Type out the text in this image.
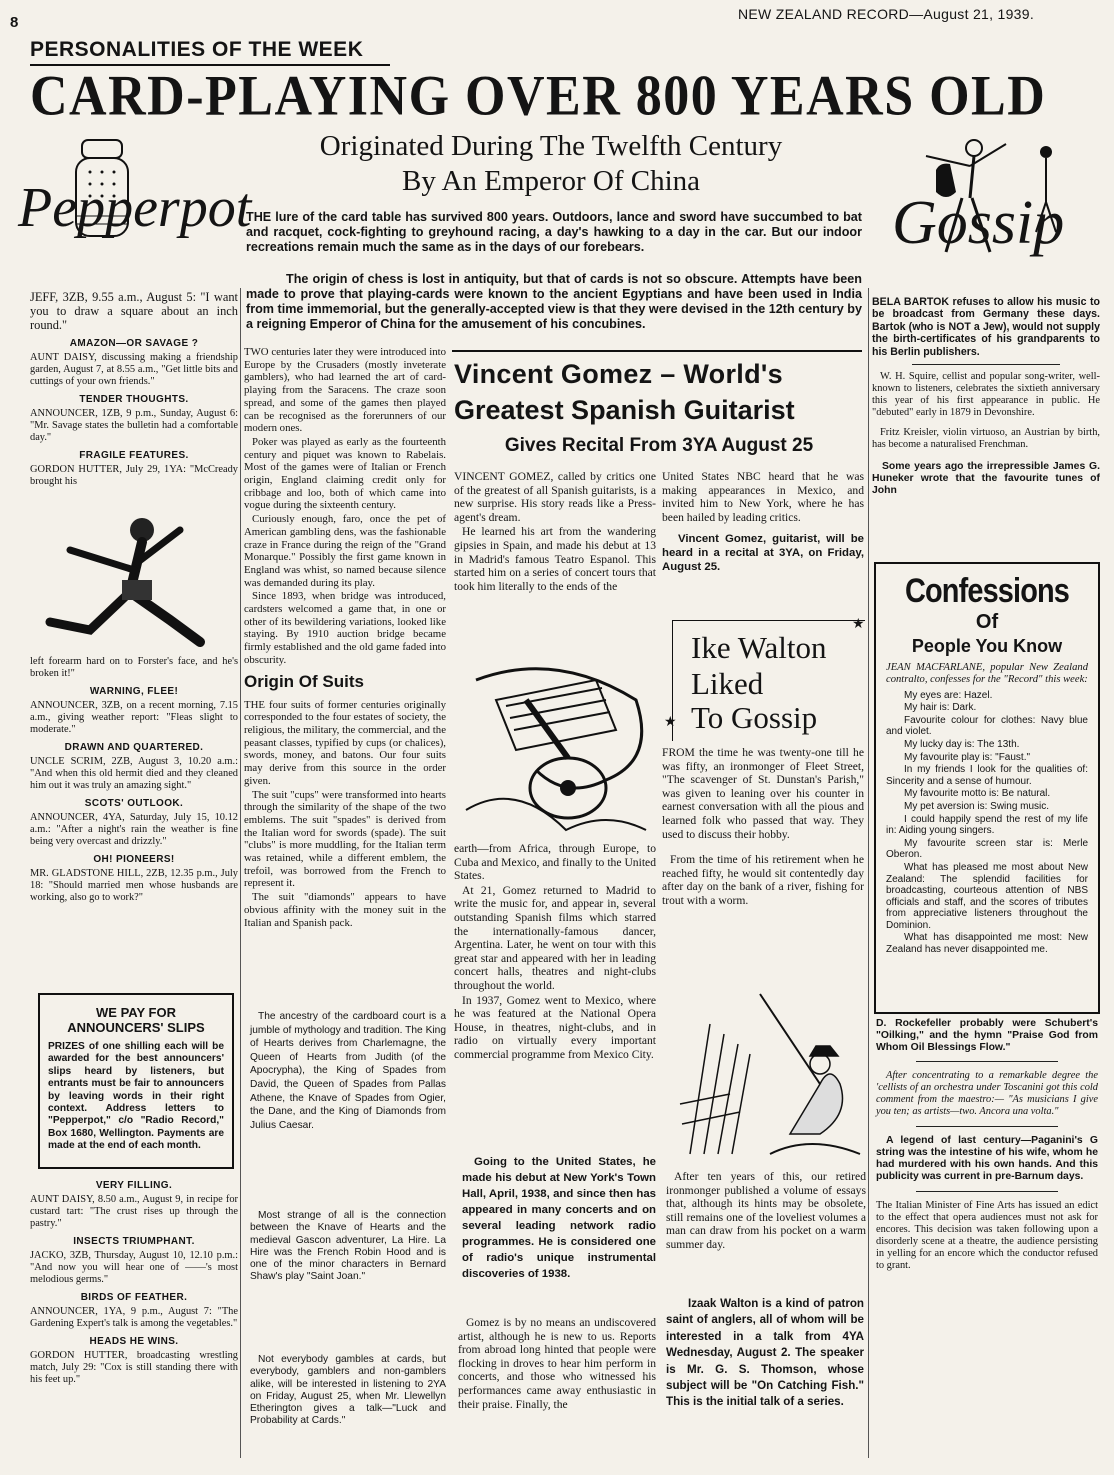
8	NEW ZEALAND RECORD—August 21, 1939.
PERSONALITIES OF THE WEEK
CARD-PLAYING OVER 800 YEARS OLD
Originated During The Twelfth Century
By An Emperor Of China
Pepperpot	Gossip

THE lure of the card table has survived 800 years. Outdoors, lance and sword have succumbed to bat and racquet, cock-fighting to greyhound racing, a day's hawking to a day in the car. But our indoor recreations remain much the same as in the days of our forebears.

The origin of chess is lost in antiquity, but that of cards is not so obscure. Attempts have been made to prove that playing-cards were known to the ancient Egyptians and have been used in India from time immemorial, but the generally-accepted view is that they were devised in the 12th century by a reigning Emperor of China for the amusement of his concubines.

JEFF, 3ZB, 9.55 a.m., August 5: "I want you to draw a square about an inch round."

AMAZON—OR SAVAGE ?

AUNT DAISY, discussing making a friendship garden, August 7, at 8.55 a.m., "Get little bits and cuttings of your own friends."

TENDER THOUGHTS.

ANNOUNCER, 1ZB, 9 p.m., Sunday, August 6: "Mr. Savage states the bulletin had a comfortable day."

FRAGILE FEATURES.

GORDON HUTTER, July 29, 1YA: "McCready brought his

left forearm hard on to Forster's face, and he's broken it!"

WARNING, FLEE!

ANNOUNCER, 3ZB, on a recent morning, 7.15 a.m., giving weather report: "Fleas slight to moderate."

DRAWN AND QUARTERED.

UNCLE SCRIM, 2ZB, August 3, 10.20 a.m.: "And when this old hermit died and they cleaned him out it was truly an amazing sight."

SCOTS' OUTLOOK.

ANNOUNCER, 4YA, Saturday, July 15, 10.12 a.m.: "After a night's rain the weather is fine being very overcast and drizzly."

OH! PIONEERS!

MR. GLADSTONE HILL, 2ZB, 12.35 p.m., July 18: "Should married men whose husbands are working, also go to work?"

WE PAY FOR ANNOUNCERS' SLIPS
PRIZES of one shilling each will be awarded for the best announcers' slips heard by listeners, but entrants must be fair to announcers by leaving words in their right context. Address letters to "Pepperpot," c/o "Radio Record," Box 1680, Wellington. Payments are made at the end of each month.
VERY FILLING.

AUNT DAISY, 8.50 a.m., August 9, in recipe for custard tart: "The crust rises up through the pastry."

INSECTS TRIUMPHANT.

JACKO, 3ZB, Thursday, August 10, 12.10 p.m.: "And now you will hear one of ——'s most melodious germs."

BIRDS OF FEATHER.

ANNOUNCER, 1YA, 9 p.m., August 7: "The Gardening Expert's talk is among the vegetables."

HEADS HE WINS.

GORDON HUTTER, broadcasting wrestling match, July 29: "Cox is still standing there with his feet up."

TWO centuries later they were introduced into Europe by the Crusaders (mostly inveterate gamblers), who had learned the art of card-playing from the Saracens. The craze soon spread, and some of the games then played can be recognised as the forerunners of our modern ones.

Poker was played as early as the fourteenth century and piquet was known to Rabelais. Most of the games were of Italian or French origin, England claiming credit only for cribbage and loo, both of which came into vogue during the sixteenth century.

Curiously enough, faro, once the pet of American gambling dens, was the fashionable craze in France during the reign of the "Grand Monarque." Possibly the first game known in England was whist, so named because silence was demanded during its play.

Since 1893, when bridge was introduced, cardsters welcomed a game that, in one or other of its bewildering variations, looked like staying. By 1910 auction bridge became firmly established and the old game faded into obscurity.

Origin Of Suits

THE four suits of former centuries originally corresponded to the four estates of society, the religious, the military, the commercial, and the peasant classes, typified by cups (or chalices), swords, money, and batons. Our four suits may derive from this source in the order given.

The suit "cups" were transformed into hearts through the similarity of the shape of the two emblems. The suit "spades" is derived from the Italian word for swords (spade). The suit "clubs" is more muddling, for the Italian term was retained, while a different emblem, the trefoil, was borrowed from the French to represent it.

The suit "diamonds" appears to have obvious affinity with the money suit in the Italian and Spanish pack.

The ancestry of the cardboard court is a jumble of mythology and tradition. The King of Hearts derives from Charlemagne, the Queen of Hearts from Judith (of the Apocrypha), the King of Spades from David, the Queen of Spades from Pallas Athene, the Knave of Spades from Ogier, the Dane, and the King of Diamonds from Julius Caesar.
Most strange of all is the connection between the Knave of Hearts and the medieval Gascon adventurer, La Hire. La Hire was the French Robin Hood and is one of the minor characters in Bernard Shaw's play "Saint Joan."
Not everybody gambles at cards, but everybody, gamblers and non-gamblers alike, will be interested in listening to 2YA on Friday, August 25, when Mr. Llewellyn Etherington gives a talk—"Luck and Probability at Cards."
Vincent Gomez – World's
Greatest Spanish Guitarist
Gives Recital From 3YA August 25

VINCENT GOMEZ, called by critics one of the greatest of all Spanish guitarists, is a new surprise. His story reads like a Press-agent's dream.

He learned his art from the wandering gipsies in Spain, and made his debut at 13 in Madrid's famous Teatro Espanol. This started him on a series of concert tours that took him literally to the ends of the

United States NBC heard that he was making appearances in Mexico, and invited him to New York, where he has been hailed by leading critics.

Vincent Gomez, guitarist, will be heard in a recital at 3YA, on Friday, August 25.

earth—from Africa, through Europe, to Cuba and Mexico, and finally to the United States.

At 21, Gomez returned to Madrid to write the music for, and appear in, several outstanding Spanish films which starred the internationally-famous dancer, Argentina. Later, he went on tour with this great star and appeared with her in leading concert halls, theatres and night-clubs throughout the world.

In 1937, Gomez went to Mexico, where he was featured at the National Opera House, in theatres, night-clubs, and in radio on virtually every important commercial programme from Mexico City.

Going to the United States, he made his debut at New York's Town Hall, April, 1938, and since then has appeared in many concerts and on several leading network radio programmes. He is considered one of radio's unique instrumental discoveries of 1938.

Gomez is by no means an undiscovered artist, although he is new to us. Reports from abroad long hinted that people were flocking in droves to hear him perform in concerts, and those who witnessed his performances came away enthusiastic in their praise. Finally, the

Ike Walton
Liked
To Gossip
★
★

FROM the time he was twenty-one till he was fifty, an ironmonger of Fleet Street, "The scavenger of St. Dunstan's Parish," was given to leaning over his counter in earnest conversation with all the pious and learned folk who passed that way. They used to discuss their hobby.

From the time of his retirement when he reached fifty, he would sit contentedly day after day on the bank of a river, fishing for trout with a worm.

After ten years of this, our retired ironmonger published a volume of essays that, although its hints may be obsolete, still remains one of the loveliest volumes a man can draw from his pocket on a warm summer day.

Izaak Walton is a kind of patron saint of anglers, all of whom will be interested in a talk from 4YA Wednesday, August 2. The speaker is Mr. G. S. Thomson, whose subject will be "On Catching Fish." This is the initial talk of a series.

BELA BARTOK refuses to allow his music to be broadcast from Germany these days. Bartok (who is NOT a Jew), would not supply the birth-certificates of his grandparents to his Berlin publishers.

W. H. Squire, cellist and popular song-writer, well-known to listeners, celebrates the sixtieth anniversary this year of his first appearance in public. He "debuted" early in 1879 in Devonshire.

Fritz Kreisler, violin virtuoso, an Austrian by birth, has become a naturalised Frenchman.

Some years ago the irrepressible James G. Huneker wrote that the favourite tunes of John

Confessions
Of
People You Know
JEAN MACFARLANE, popular New Zealand contralto, confesses for the "Record" this week:

My eyes are: Hazel.

My hair is: Dark.

Favourite colour for clothes: Navy blue and violet.

My lucky day is: The 13th.

My favourite play is: "Faust."

In my friends I look for the qualities of: Sincerity and a sense of humour.

My favourite motto is: Be natural.

My pet aversion is: Swing music.

I could happily spend the rest of my life in: Aiding young singers.

My favourite screen star is: Merle Oberon.

What has pleased me most about New Zealand: The splendid facilities for broadcasting, courteous attention of NBS officials and staff, and the scores of tributes from appreciative listeners throughout the Dominion.

What has disappointed me most: New Zealand has never disappointed me.

D. Rockefeller probably were Schubert's "Oilking," and the hymn "Praise God from Whom Oil Blessings Flow."

After concentrating to a remarkable degree the 'cellists of an orchestra under Toscanini got this cold comment from the maestro:— "As musicians I give you ten; as artists—two. Ancora una volta."

A legend of last century—Paganini's G string was the intestine of his wife, whom he had murdered with his own hands. And this publicity was current in pre-Barnum days.

The Italian Minister of Fine Arts has issued an edict to the effect that opera audiences must not ask for encores. This decision was taken following upon a disorderly scene at a theatre, the audience persisting in yelling for an encore which the conductor refused to grant.
